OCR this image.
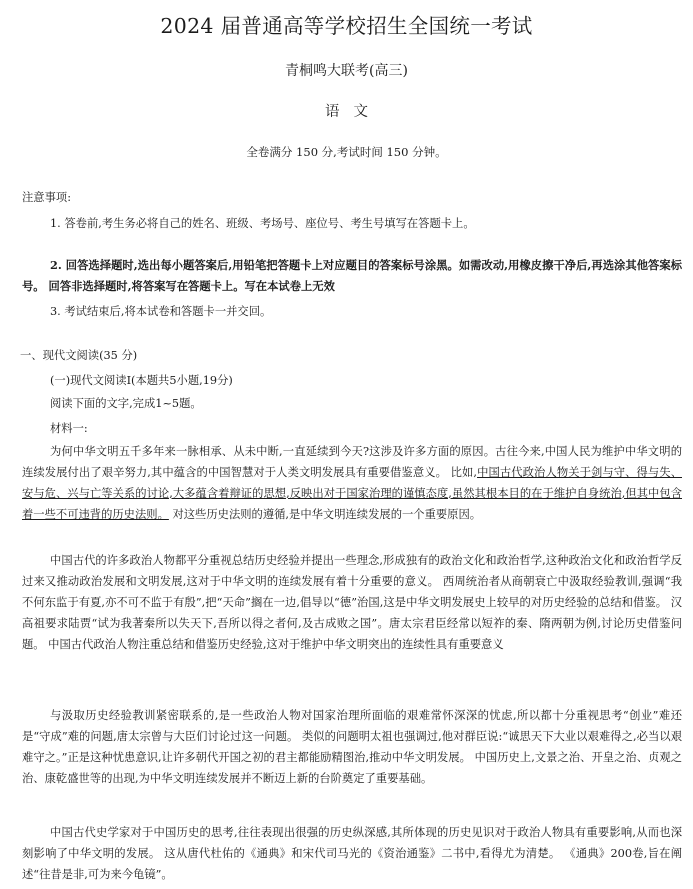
2024 届普通高等学校招生全国统一考试
青桐鸣大联考(高三)
语文
全卷满分 150 分,考试时间 150 分钟。
注意事项:
1. 答卷前,考生务必将自己的姓名、班级、考场号、座位号、考生号填写在答题卡上。
2. 回答选择题时,选出每小题答案后,用铅笔把答题卡上对应题目的答案标号涂黑。如需改动,用橡皮擦干净后,再选涂其他答案标号。 回答非选择题时,将答案写在答题卡上。写在本试卷上无效
3. 考试结束后,将本试卷和答题卡一并交回。
一、现代文阅读(35 分)
(一)现代文阅读Ⅰ(本题共5小题,19分)
阅读下面的文字,完成1~5题。
材料一:
为何中华文明五千多年来一脉相承、从未中断,一直延续到今天?这涉及许多方面的原因。古往今来,中国人民为维护中华文明的连续发展付出了艰辛努力,其中蕴含的中国智慧对于人类文明发展具有重要借鉴意义。 比如,中国古代政治人物关于剑与守、得与失、安与危、兴与亡等关系的讨论,大多蕴含着辩证的思想,反映出对于国家治理的谨慎态度,虽然其根本目的在于维护自身统治,但其中包含着一些不可违背的历史法则。 对这些历史法则的遵循,是中华文明连续发展的一个重要原因。
中国古代的许多政治人物都平分重视总结历史经验并提出一些理念,形成独有的政治文化和政治哲学,这种政治文化和政治哲学反过来又推动政治发展和文明发展,这对于中华文明的连续发展有着十分重要的意义。 西周统治者从商朝衰亡中汲取经验教训,强调“我不何东监于有夏,亦不可不监于有殷”,把“天命”搁在一边,倡导以“德”治国,这是中华文明发展史上较早的对历史经验的总结和借鉴。 汉高祖要求陆贾“试为我著秦所以失天下,吾所以得之者何,及古成败之国”。唐太宗君臣经常以短祚的秦、隋两朝为例,讨论历史借鉴问题。 中国古代政治人物注重总结和借鉴历史经验,这对于维护中华文明突出的连续性具有重要意义
与汲取历史经验教训紧密联系的,是一些政治人物对国家治理所面临的艰难常怀深深的忧虑,所以都十分重视思考“创业”难还是“守成”难的问题,唐太宗曾与大臣们讨论过这一问题。 类似的问题明太祖也强调过,他对群臣说:“诚思天下大业以艰难得之,必当以艰难守之。”正是这种忧患意识,让许多朝代开国之初的君主都能励精图治,推动中华文明发展。 中国历史上,文景之治、开皇之治、贞观之治、康乾盛世等的出现,为中华文明连续发展并不断迈上新的台阶奠定了重要基础。
中国古代史学家对于中国历史的思考,往往表现出很强的历史纵深感,其所体现的历史见识对于政治人物具有重要影响,从而也深刻影响了中华文明的发展。 这从唐代杜佑的《通典》和宋代司马光的《资治通鉴》二书中,看得尤为清楚。 《通典》200卷,旨在阐述“往昔是非,可为来今龟镜”。
